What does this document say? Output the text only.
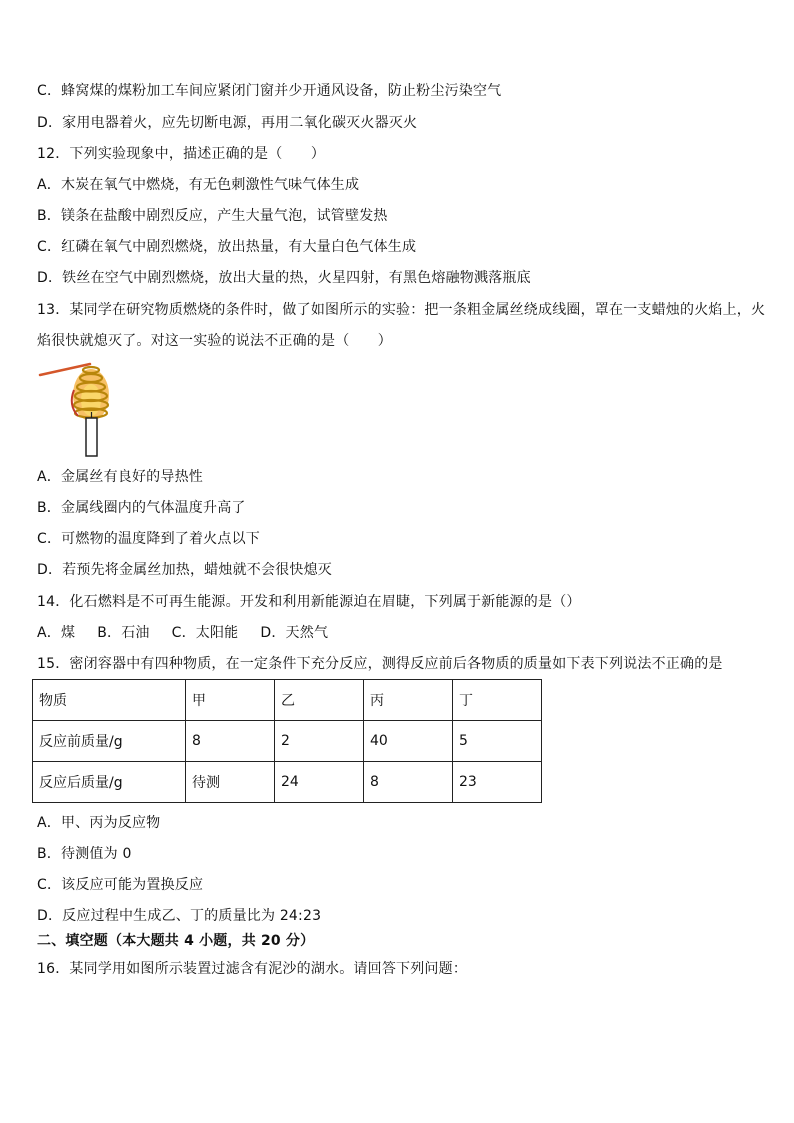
C．蜂窝煤的煤粉加工车间应紧闭门窗并少开通风设备，防止粉尘污染空气
D．家用电器着火，应先切断电源，再用二氧化碳灭火器灭火
12．下列实验现象中，描述正确的是（　　）
A．木炭在氧气中燃烧，有无色刺激性气味气体生成
B．镁条在盐酸中剧烈反应，产生大量气泡，试管壁发热
C．红磷在氧气中剧烈燃烧，放出热量，有大量白色气体生成
D．铁丝在空气中剧烈燃烧，放出大量的热，火星四射，有黑色熔融物溅落瓶底
13．某同学在研究物质燃烧的条件时，做了如图所示的实验：把一条粗金属丝绕成线圈，罩在一支蜡烛的火焰上，火
焰很快就熄灭了。对这一实验的说法不正确的是（　　）
A．金属丝有良好的导热性
B．金属线圈内的气体温度升高了
C．可燃物的温度降到了着火点以下
D．若预先将金属丝加热，蜡烛就不会很快熄灭
14．化石燃料是不可再生能源。开发和利用新能源迫在眉睫，下列属于新能源的是（）
A．煤 B．石油 C．太阳能 D．天然气
15．密闭容器中有四种物质，在一定条件下充分反应，测得反应前后各物质的质量如下表下列说法不正确的是
物质	甲	乙	丙	丁
反应前质量/g	8	2	40	5
反应后质量/g	待测	24	8	23
A．甲、丙为反应物
B．待测值为 0
C．该反应可能为置换反应
D．反应过程中生成乙、丁的质量比为 24:23
二、填空题（本大题共 4 小题，共 20 分）
16．某同学用如图所示装置过滤含有泥沙的湖水。请回答下列问题：
